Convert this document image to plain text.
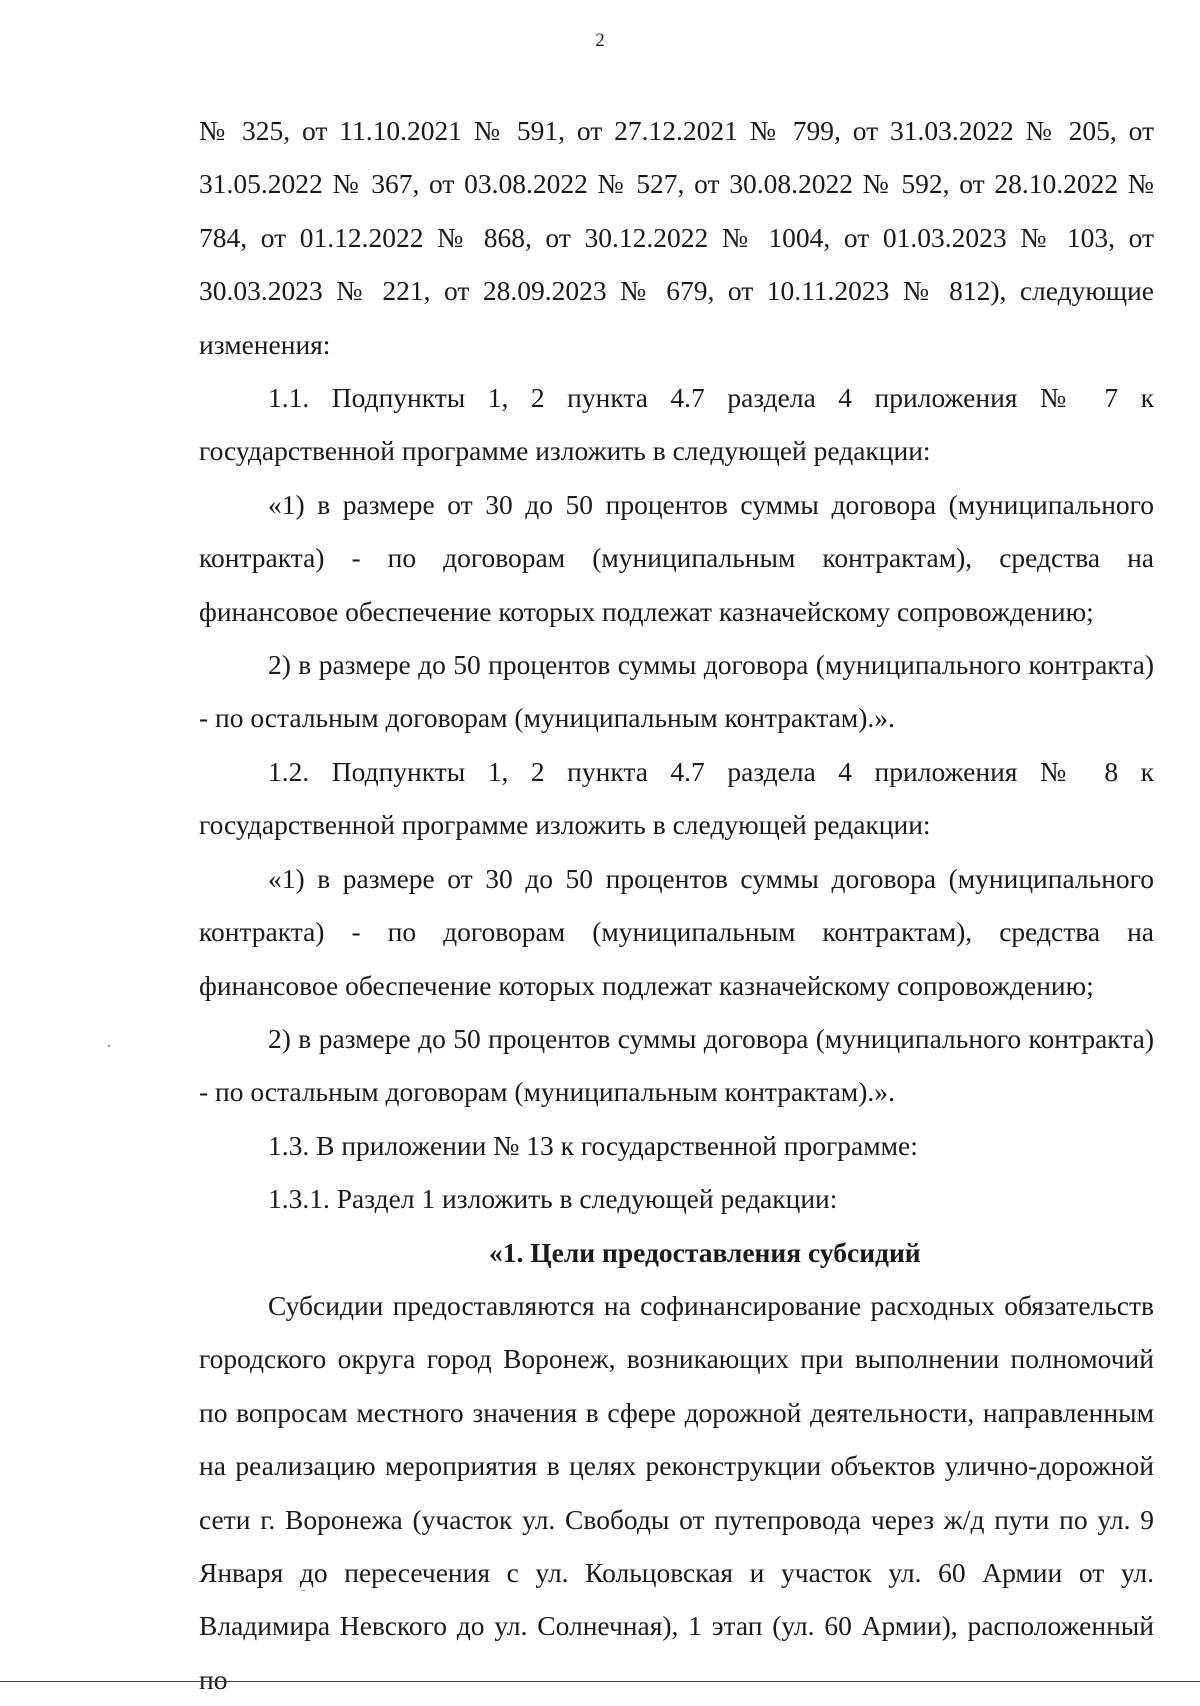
2

№ 325, от 11.10.2021 № 591, от 27.12.2021 № 799, от 31.03.2022 № 205, от 31.05.2022 № 367, от 03.08.2022 № 527, от 30.08.2022 № 592, от 28.10.2022 № 784, от 01.12.2022 № 868, от 30.12.2022 № 1004, от 01.03.2023 № 103, от 30.03.2023 № 221, от 28.09.2023 № 679, от 10.11.2023 № 812), следующие изменения:

1.1. Подпункты 1, 2 пункта 4.7 раздела 4 приложения № 7 к государственной программе изложить в следующей редакции:

«1) в размере от 30 до 50 процентов суммы договора (муниципального контракта) - по договорам (муниципальным контрактам), средства на финансовое обеспечение которых подлежат казначейскому сопровождению;

2) в размере до 50 процентов суммы договора (муниципального контракта) - по остальным договорам (муниципальным контрактам).».

1.2. Подпункты 1, 2 пункта 4.7 раздела 4 приложения № 8 к государственной программе изложить в следующей редакции:

«1) в размере от 30 до 50 процентов суммы договора (муниципального контракта) - по договорам (муниципальным контрактам), средства на финансовое обеспечение которых подлежат казначейскому сопровождению;

2) в размере до 50 процентов суммы договора (муниципального контракта) - по остальным договорам (муниципальным контрактам).».

1.3. В приложении № 13 к государственной программе:

1.3.1. Раздел 1 изложить в следующей редакции:

«1. Цели предоставления субсидий

Субсидии предоставляются на софинансирование расходных обязательств городского округа город Воронеж, возникающих при выполнении полномочий по вопросам местного значения в сфере дорожной деятельности, направленным на реализацию мероприятия в целях реконструкции объектов улично-дорожной сети г. Воронежа (участок ул. Свободы от путепровода через ж/д пути по ул. 9 Января до пересечения с ул. Кольцовская и участок ул. 60 Армии от ул. Владимира Невского до ул. Солнечная), 1 этап (ул. 60 Армии), расположенный по
